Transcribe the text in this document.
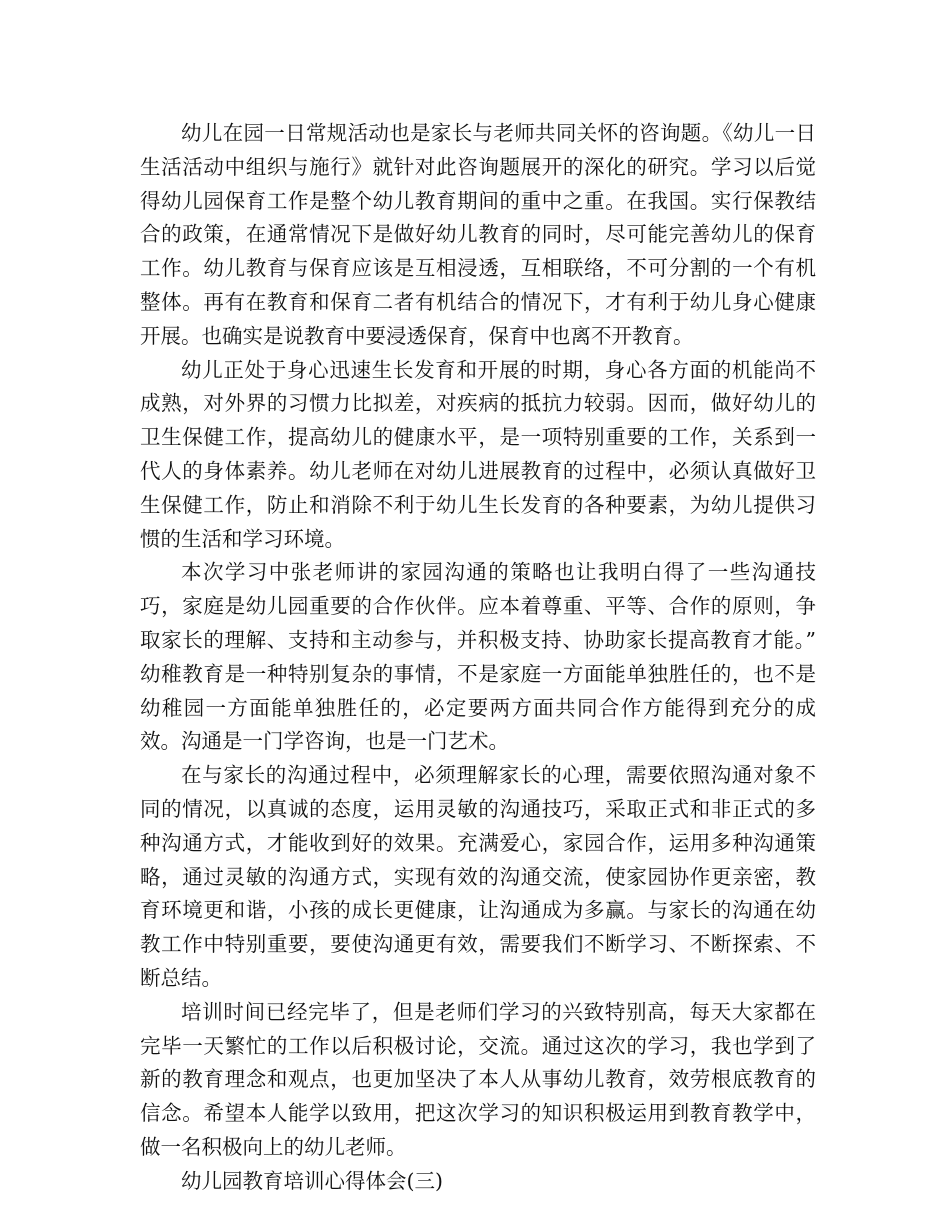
幼儿在园一日常规活动也是家长与老师共同关怀的咨询题。《幼儿一日生活活动中组织与施行》就针对此咨询题展开的深化的研究。学习以后觉得幼儿园保育工作是整个幼儿教育期间的重中之重。在我国。实行保教结合的政策，在通常情况下是做好幼儿教育的同时，尽可能完善幼儿的保育工作。幼儿教育与保育应该是互相浸透，互相联络，不可分割的一个有机整体。再有在教育和保育二者有机结合的情况下，才有利于幼儿身心健康开展。也确实是说教育中要浸透保育，保育中也离不开教育。

幼儿正处于身心迅速生长发育和开展的时期，身心各方面的机能尚不成熟，对外界的习惯力比拟差，对疾病的抵抗力较弱。因而，做好幼儿的卫生保健工作，提高幼儿的健康水平，是一项特别重要的工作，关系到一代人的身体素养。幼儿老师在对幼儿进展教育的过程中，必须认真做好卫生保健工作，防止和消除不利于幼儿生长发育的各种要素，为幼儿提供习惯的生活和学习环境。

本次学习中张老师讲的家园沟通的策略也让我明白得了一些沟通技巧，家庭是幼儿园重要的合作伙伴。应本着尊重、平等、合作的原则，争取家长的理解、支持和主动参与，并积极支持、协助家长提高教育才能。”　幼稚教育是一种特别复杂的事情，不是家庭一方面能单独胜任的，也不是幼稚园一方面能单独胜任的，必定要两方面共同合作方能得到充分的成效。沟通是一门学咨询，也是一门艺术。

在与家长的沟通过程中，必须理解家长的心理，需要依照沟通对象不同的情况，以真诚的态度，运用灵敏的沟通技巧，采取正式和非正式的多种沟通方式，才能收到好的效果。充满爱心，家园合作，运用多种沟通策略，通过灵敏的沟通方式，实现有效的沟通交流，使家园协作更亲密，教育环境更和谐，小孩的成长更健康，让沟通成为多赢。与家长的沟通在幼教工作中特别重要，要使沟通更有效，需要我们不断学习、不断探索、不断总结。

培训时间已经完毕了，但是老师们学习的兴致特别高，每天大家都在完毕一天繁忙的工作以后积极讨论，交流。通过这次的学习，我也学到了新的教育理念和观点，也更加坚决了本人从事幼儿教育，效劳根底教育的信念。希望本人能学以致用，把这次学习的知识积极运用到教育教学中，做一名积极向上的幼儿老师。

幼儿园教育培训心得体会(三)
